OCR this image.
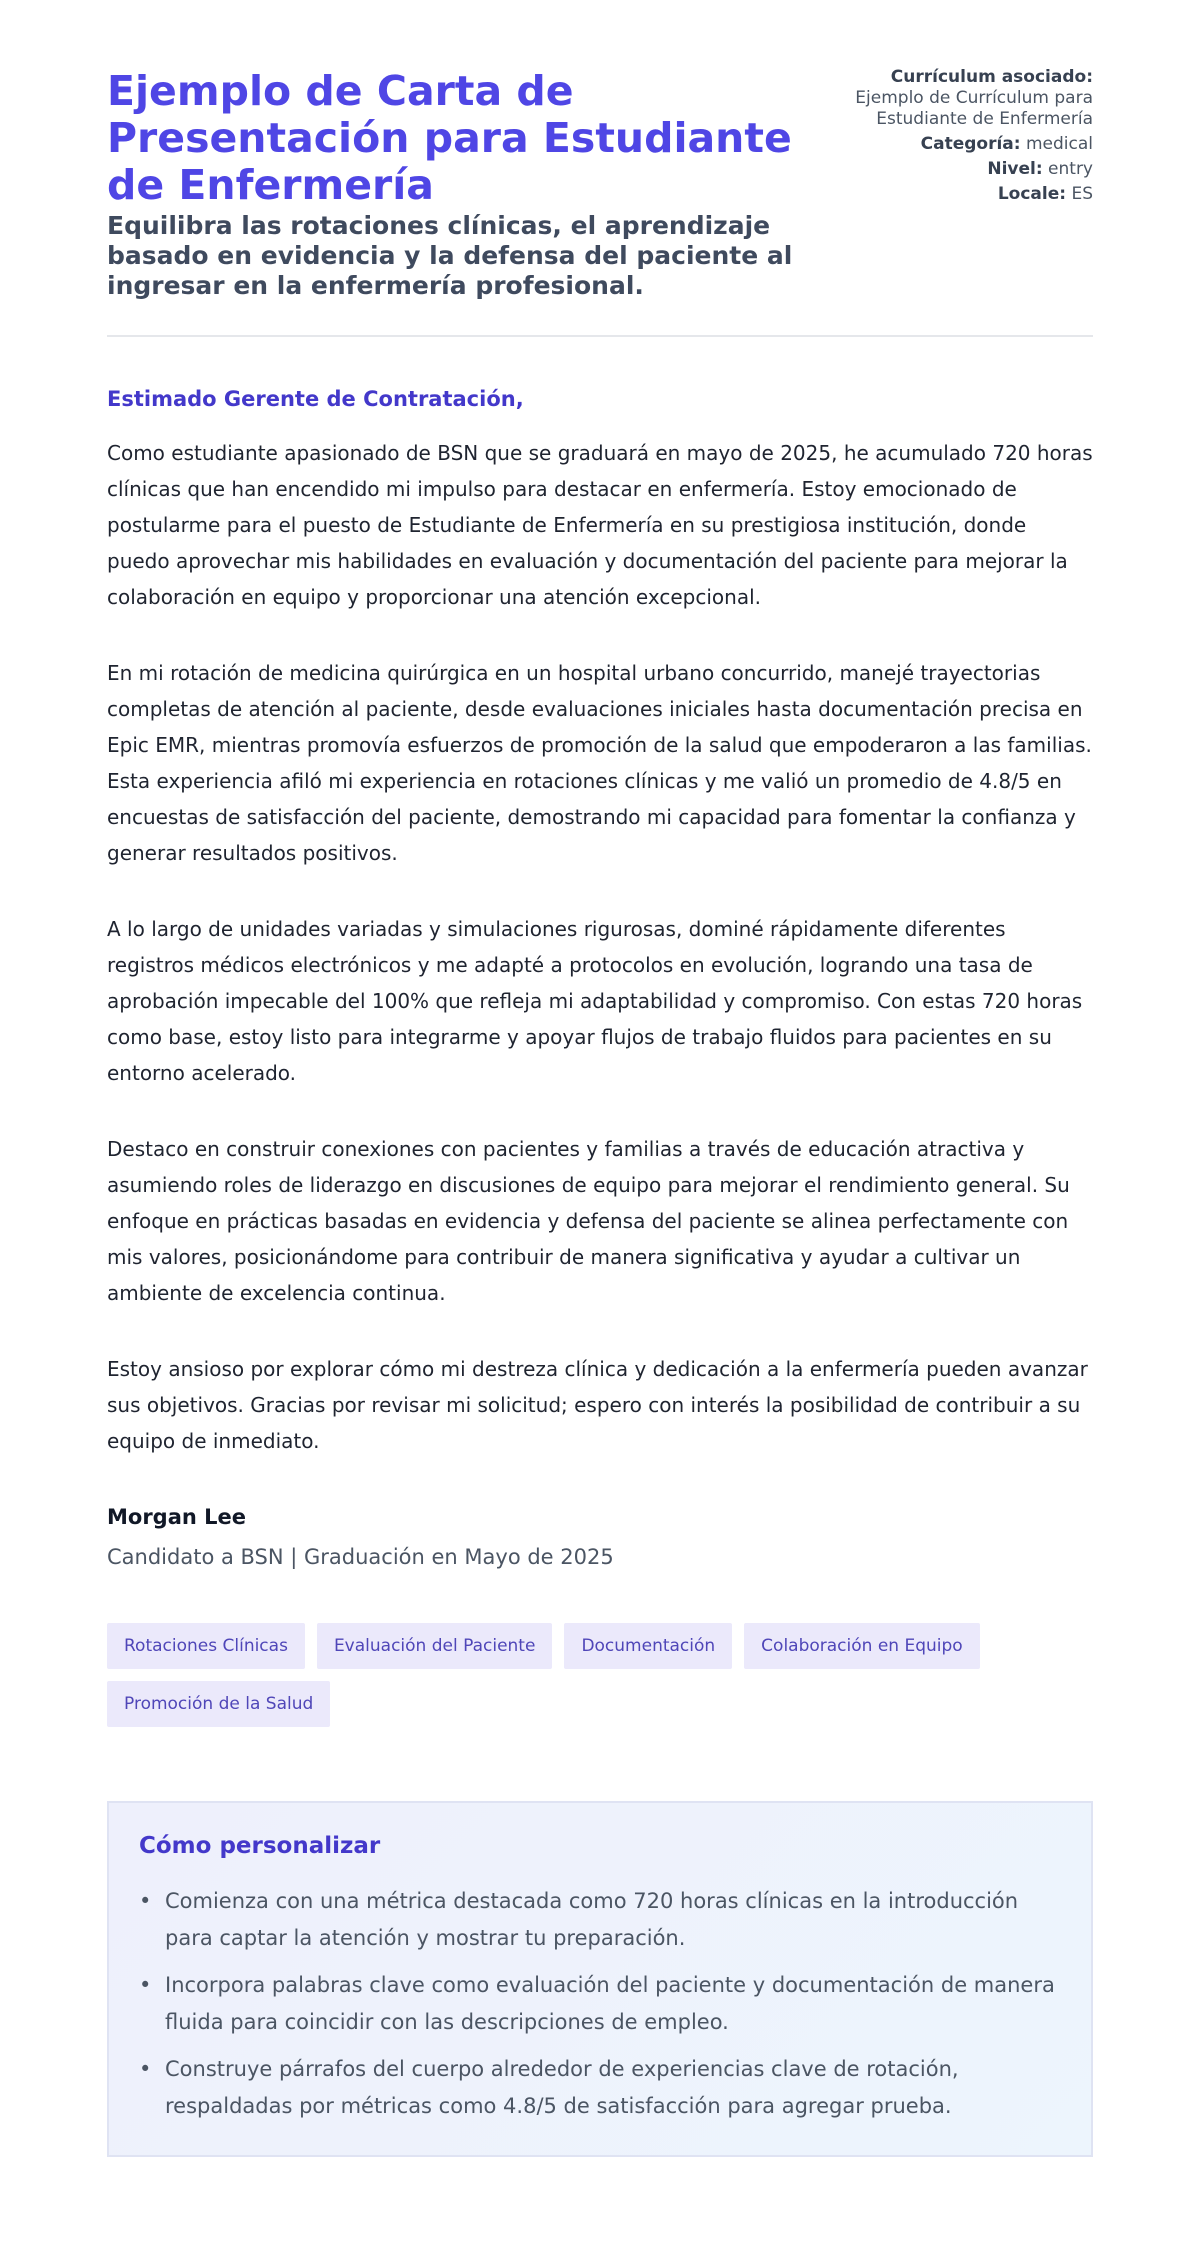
Ejemplo de Carta de Presentación para Estudiante de Enfermería
Equilibra las rotaciones clínicas, el aprendizaje basado en evidencia y la defensa del paciente al ingresar en la enfermería profesional.
Currículum asociado:
Ejemplo de Currículum para Estudiante de Enfermería
Categoría: medical
Nivel: entry
Locale: ES
Estimado Gerente de Contratación,

Como estudiante apasionado de BSN que se graduará en mayo de 2025, he acumulado 720 horas clínicas que han encendido mi impulso para destacar en enfermería. Estoy emocionado de postularme para el puesto de Estudiante de Enfermería en su prestigiosa institución, donde puedo aprovechar mis habilidades en evaluación y documentación del paciente para mejorar la colaboración en equipo y proporcionar una atención excepcional.

En mi rotación de medicina quirúrgica en un hospital urbano concurrido, manejé trayectorias completas de atención al paciente, desde evaluaciones iniciales hasta documentación precisa en Epic EMR, mientras promovía esfuerzos de promoción de la salud que empoderaron a las familias. Esta experiencia afiló mi experiencia en rotaciones clínicas y me valió un promedio de 4.8/5 en encuestas de satisfacción del paciente, demostrando mi capacidad para fomentar la confianza y generar resultados positivos.

A lo largo de unidades variadas y simulaciones rigurosas, dominé rápidamente diferentes registros médicos electrónicos y me adapté a protocolos en evolución, logrando una tasa de aprobación impecable del 100% que refleja mi adaptabilidad y compromiso. Con estas 720 horas como base, estoy listo para integrarme y apoyar flujos de trabajo fluidos para pacientes en su entorno acelerado.

Destaco en construir conexiones con pacientes y familias a través de educación atractiva y asumiendo roles de liderazgo en discusiones de equipo para mejorar el rendimiento general. Su enfoque en prácticas basadas en evidencia y defensa del paciente se alinea perfectamente con mis valores, posicionándome para contribuir de manera significativa y ayudar a cultivar un ambiente de excelencia continua.

Estoy ansioso por explorar cómo mi destreza clínica y dedicación a la enfermería pueden avanzar sus objetivos. Gracias por revisar mi solicitud; espero con interés la posibilidad de contribuir a su equipo de inmediato.

Morgan Lee
Candidato a BSN | Graduación en Mayo de 2025
Rotaciones Clínicas	Evaluación del Paciente	Documentación	Colaboración en Equipo
Promoción de la Salud
Cómo personalizar
• Comienza con una métrica destacada como 720 horas clínicas en la introducción para captar la atención y mostrar tu preparación.
• Incorpora palabras clave como evaluación del paciente y documentación de manera fluida para coincidir con las descripciones de empleo.
• Construye párrafos del cuerpo alrededor de experiencias clave de rotación, respaldadas por métricas como 4.8/5 de satisfacción para agregar prueba.
